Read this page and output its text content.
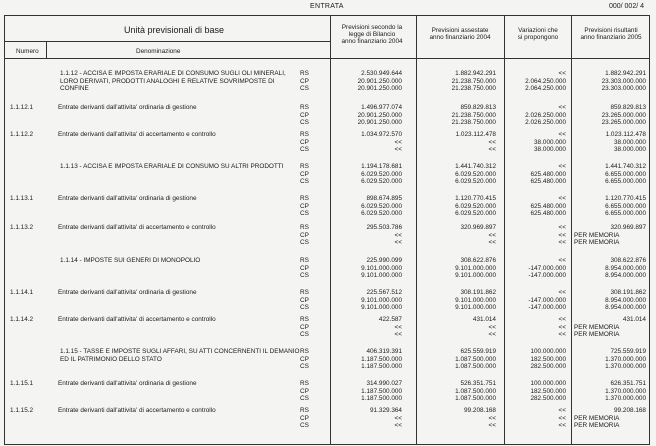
ENTRATA	000/ 002/ 4
Unità previsionali di base
Numero	Denominazione
Previsioni secondo la
legge di Bilancio
anno finanziario 2004
Previsioni assestate
anno finanziario 2004
Variazioni che
si propongono
Previsioni risultanti
anno finanziario 2005
1.1.12 - ACCISA E IMPOSTA ERARIALE DI CONSUMO SUGLI OLI MINERALI,
LORO DERIVATI, PRODOTTI ANALOGHI E RELATIVE SOVRIMPOSTE DI
CONFINE
RS	2.530.949.644	1.882.942.291	<<	1.882.942.291
CP	20.901.250.000	21.238.750.000	2.064.250.000	23.303.000.000
CS	20.901.250.000	21.238.750.000	2.064.250.000	23.303.000.000
1.1.12.1	Entrate derivanti dall'attivita' ordinaria di gestione	RS	1.496.977.074	859.829.813	<<	859.829.813
CP	20.901.250.000	21.238.750.000	2.026.250.000	23.265.000.000
CS	20.901.250.000	21.238.750.000	2.026.250.000	23.265.000.000
1.1.12.2	Entrate derivanti dall'attivita' di accertamento e controllo	RS	1.034.972.570	1.023.112.478	<<	1.023.112.478
CP	<<	<<	38.000.000	38.000.000
CS	<<	<<	38.000.000	38.000.000
1.1.13 - ACCISA E IMPOSTA ERARIALE DI CONSUMO SU ALTRI PRODOTTI	RS	1.194.178.681	1.441.740.312	<<	1.441.740.312
CP	6.029.520.000	6.029.520.000	625.480.000	6.655.000.000
CS	6.029.520.000	6.029.520.000	625.480.000	6.655.000.000
1.1.13.1	Entrate derivanti dall'attivita' ordinaria di gestione	RS	898.674.895	1.120.770.415	<<	1.120.770.415
CP	6.029.520.000	6.029.520.000	625.480.000	6.655.000.000
CS	6.029.520.000	6.029.520.000	625.480.000	6.655.000.000
1.1.13.2	Entrate derivanti dall'attivita' di accertamento e controllo	RS	295.503.786	320.969.897	<<	320.969.897
CP	<<	<<	<< PER MEMORIA
CS	<<	<<	<< PER MEMORIA
1.1.14 - IMPOSTE SUI GENERI DI MONOPOLIO	RS	225.990.099	308.622.876	<<	308.622.876
CP	9.101.000.000	9.101.000.000	-147.000.000	8.954.000.000
CS	9.101.000.000	9.101.000.000	-147.000.000	8.954.000.000
1.1.14.1	Entrate derivanti dall'attivita' ordinaria di gestione	RS	225.567.512	308.191.862	<<	308.191.862
CP	9.101.000.000	9.101.000.000	-147.000.000	8.954.000.000
CS	9.101.000.000	9.101.000.000	-147.000.000	8.954.000.000
1.1.14.2	Entrate derivanti dall'attivita' di accertamento e controllo	RS	422.587	431.014	<<	431.014
CP	<<	<<	<< PER MEMORIA
CS	<<	<<	<< PER MEMORIA
1.1.15 - TASSE E IMPOSTE SUGLI AFFARI, SU ATTI CONCERNENTI IL DEMANIO
ED IL PATRIMONIO DELLO STATO
RS	406.319.391	625.559.919	100.000.000	725.559.919
CP	1.187.500.000	1.087.500.000	182.500.000	1.370.000.000
CS	1.187.500.000	1.087.500.000	282.500.000	1.370.000.000
1.1.15.1	Entrate derivanti dall'attivita' ordinaria di gestione	RS	314.990.027	526.351.751	100.000.000	626.351.751
CP	1.187.500.000	1.087.500.000	182.500.000	1.370.000.000
CS	1.187.500.000	1.087.500.000	282.500.000	1.370.000.000
1.1.15.2	Entrate derivanti dall'attivita' di accertamento e controllo	RS	91.329.364	99.208.168	<<	99.208.168
CP	<<	<<	<< PER MEMORIA
CS	<<	<<	<< PER MEMORIA
